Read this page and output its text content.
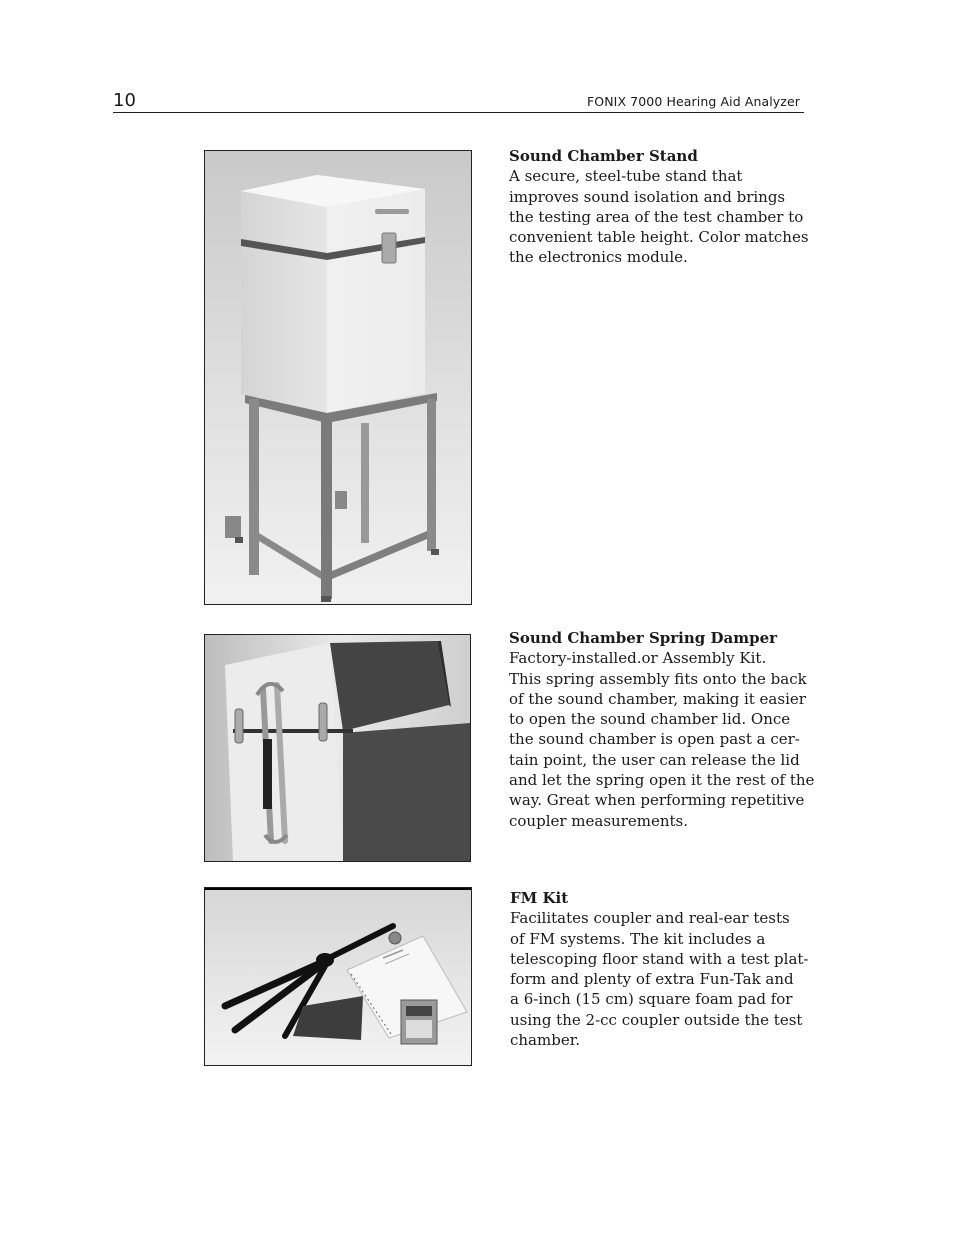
10	FONIX 7000 Hearing Aid Analyzer
Sound Chamber Stand
A secure, steel-tube stand that
improves sound isolation and brings
the testing area of the test chamber to
convenient table height. Color matches
the electronics module.
Sound Chamber Spring Damper
Factory-installed.or Assembly Kit.
This spring assembly fits onto the back
of the sound chamber, making it easier
to open the sound chamber lid. Once
the sound chamber is open past a cer-
tain point, the user can release the lid
and let the spring open it the rest of the
way. Great when performing repetitive
coupler measurements.
FM Kit
Facilitates coupler and real-ear tests
of FM systems. The kit includes a
telescoping floor stand with a test plat-
form and plenty of extra Fun-Tak and
a 6-inch (15 cm) square foam pad for
using the 2-cc coupler outside the test
chamber.
